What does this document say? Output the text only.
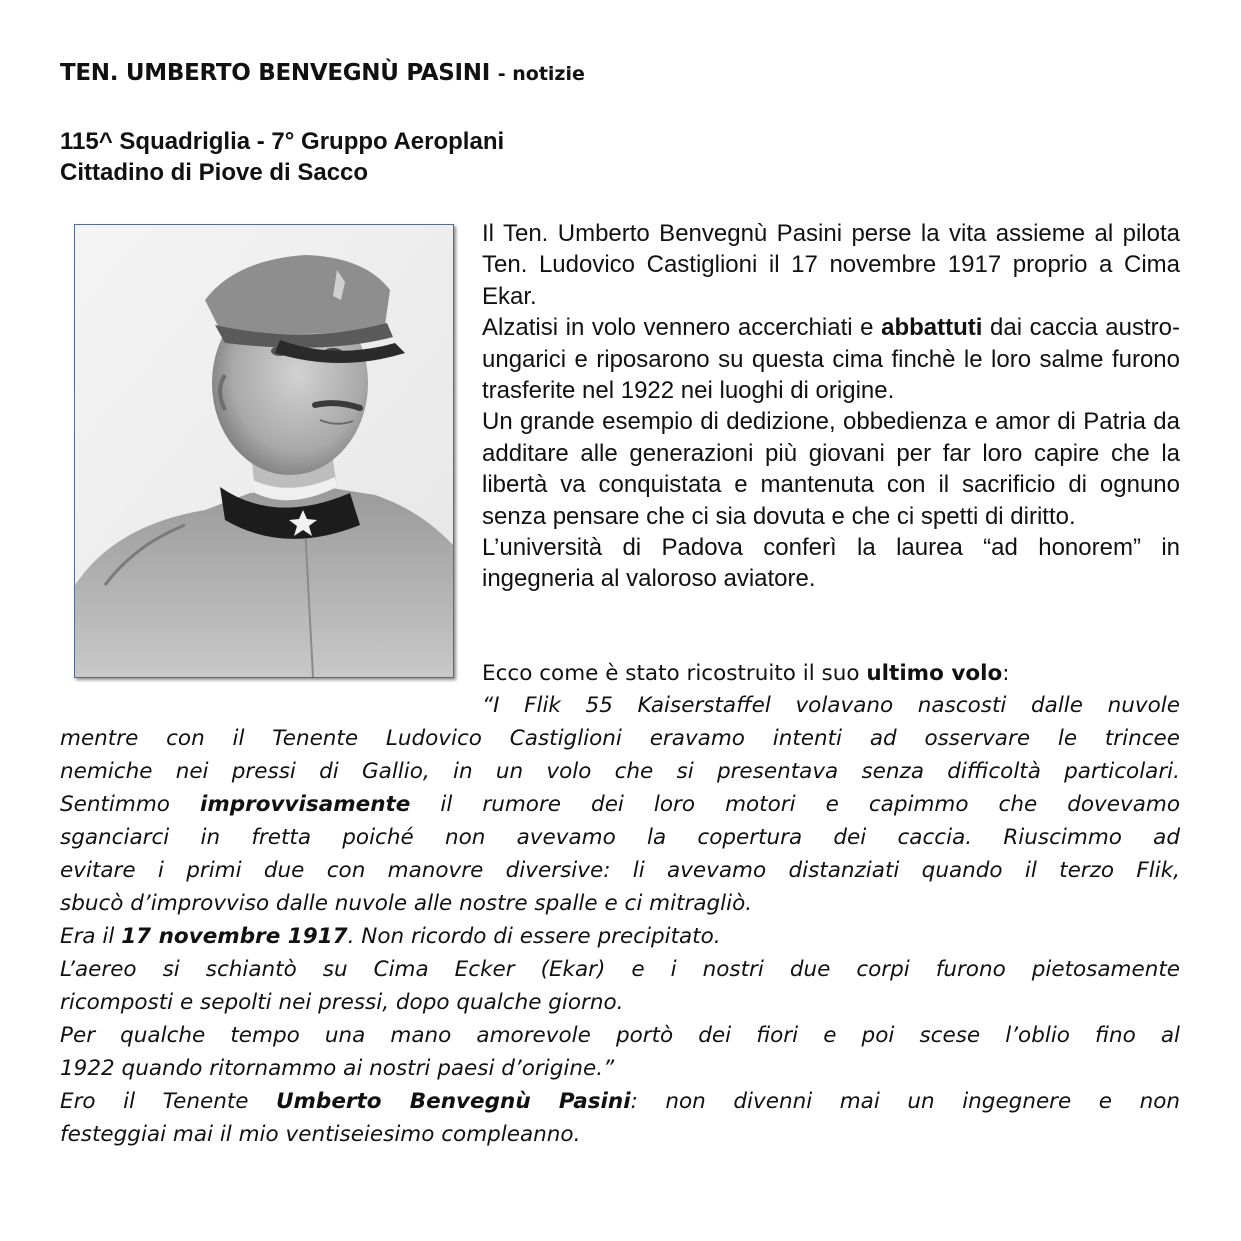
TEN. UMBERTO BENVEGNÙ PASINI - notizie
115^ Squadriglia - 7° Gruppo Aeroplani
Cittadino di Piove di Sacco

Il Ten. Umberto Benvegnù Pasini perse la vita assieme al pilota Ten. Ludovico Castiglioni il 17 novembre 1917 proprio a Cima Ekar.

Alzatisi in volo vennero accerchiati e abbattuti dai caccia austro-ungarici e riposarono su questa cima finchè le loro salme furono trasferite nel 1922 nei luoghi di origine.

Un grande esempio di dedizione, obbedienza e amor di Patria da additare alle generazioni più giovani per far loro capire che la libertà va conquistata e mantenuta con il sacrificio di ognuno senza pensare che ci sia dovuta e che ci spetti di diritto.

L’università di Padova conferì la laurea “ad honorem” in ingegneria al valoroso aviatore.

Ecco come è stato ricostruito il suo ultimo volo:
“I Flik 55 Kaiserstaffel volavano nascosti dalle nuvole
mentre con il Tenente Ludovico Castiglioni eravamo intenti ad osservare le trincee
nemiche nei pressi di Gallio, in un volo che si presentava senza difficoltà particolari.
Sentimmo improvvisamente il rumore dei loro motori e capimmo che dovevamo
sganciarci in fretta poiché non avevamo la copertura dei caccia. Riuscimmo ad
evitare i primi due con manovre diversive: li avevamo distanziati quando il terzo Flik,
sbucò d’improvviso dalle nuvole alle nostre spalle e ci mitragliò.
Era il 17 novembre 1917. Non ricordo di essere precipitato.
L’aereo si schiantò su Cima Ecker (Ekar) e i nostri due corpi furono pietosamente
ricomposti e sepolti nei pressi, dopo qualche giorno.
Per qualche tempo una mano amorevole portò dei fiori e poi scese l’oblio fino al
1922 quando ritornammo ai nostri paesi d’origine.”
Ero il Tenente Umberto Benvegnù Pasini: non divenni mai un ingegnere e non
festeggiai mai il mio ventiseiesimo compleanno.
